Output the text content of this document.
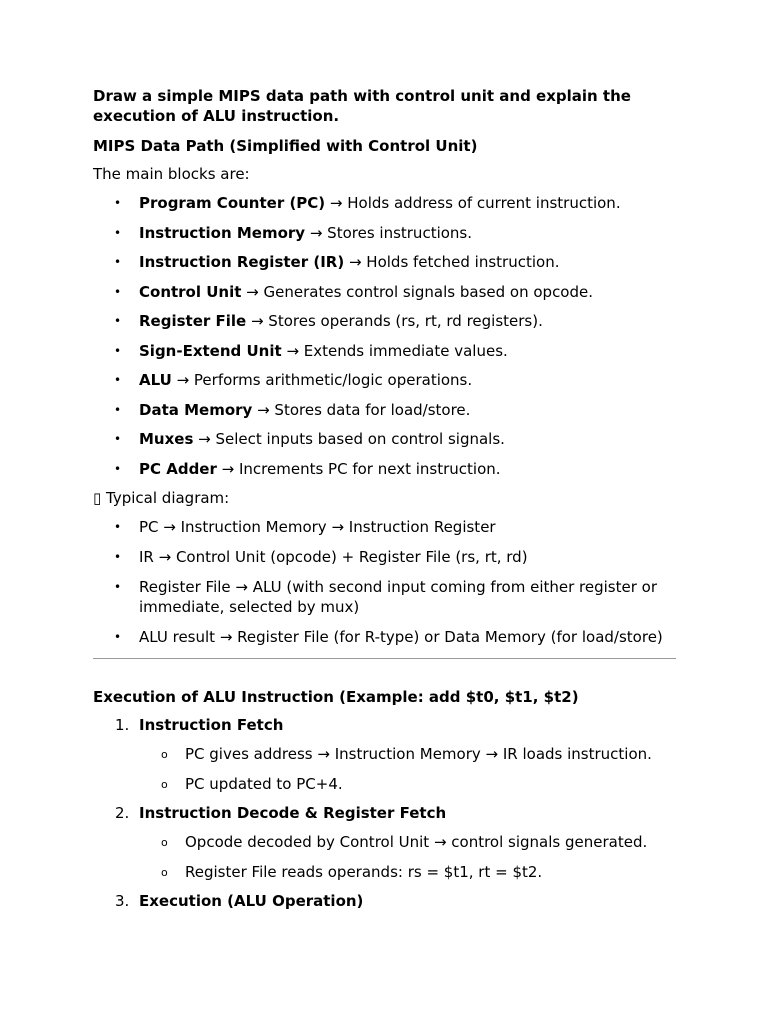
Draw a simple MIPS data path with control unit and explain the execution of ALU instruction.
MIPS Data Path (Simplified with Control Unit)
The main blocks are:
• Program Counter (PC) → Holds address of current instruction.
• Instruction Memory → Stores instructions.
• Instruction Register (IR) → Holds fetched instruction.
• Control Unit → Generates control signals based on opcode.
• Register File → Stores operands (rs, rt, rd registers).
• Sign-Extend Unit → Extends immediate values.
• ALU → Performs arithmetic/logic operations.
• Data Memory → Stores data for load/store.
• Muxes → Select inputs based on control signals.
• PC Adder → Increments PC for next instruction.
▯ Typical diagram:
• PC → Instruction Memory → Instruction Register
• IR → Control Unit (opcode) + Register File (rs, rt, rd)
• Register File → ALU (with second input coming from either register or immediate, selected by mux)
• ALU result → Register File (for R-type) or Data Memory (for load/store)
Execution of ALU Instruction (Example: add $t0, $t1, $t2)
1. Instruction Fetch
o PC gives address → Instruction Memory → IR loads instruction.
o PC updated to PC+4.
2. Instruction Decode & Register Fetch
o Opcode decoded by Control Unit → control signals generated.
o Register File reads operands: rs = $t1, rt = $t2.
3. Execution (ALU Operation)
